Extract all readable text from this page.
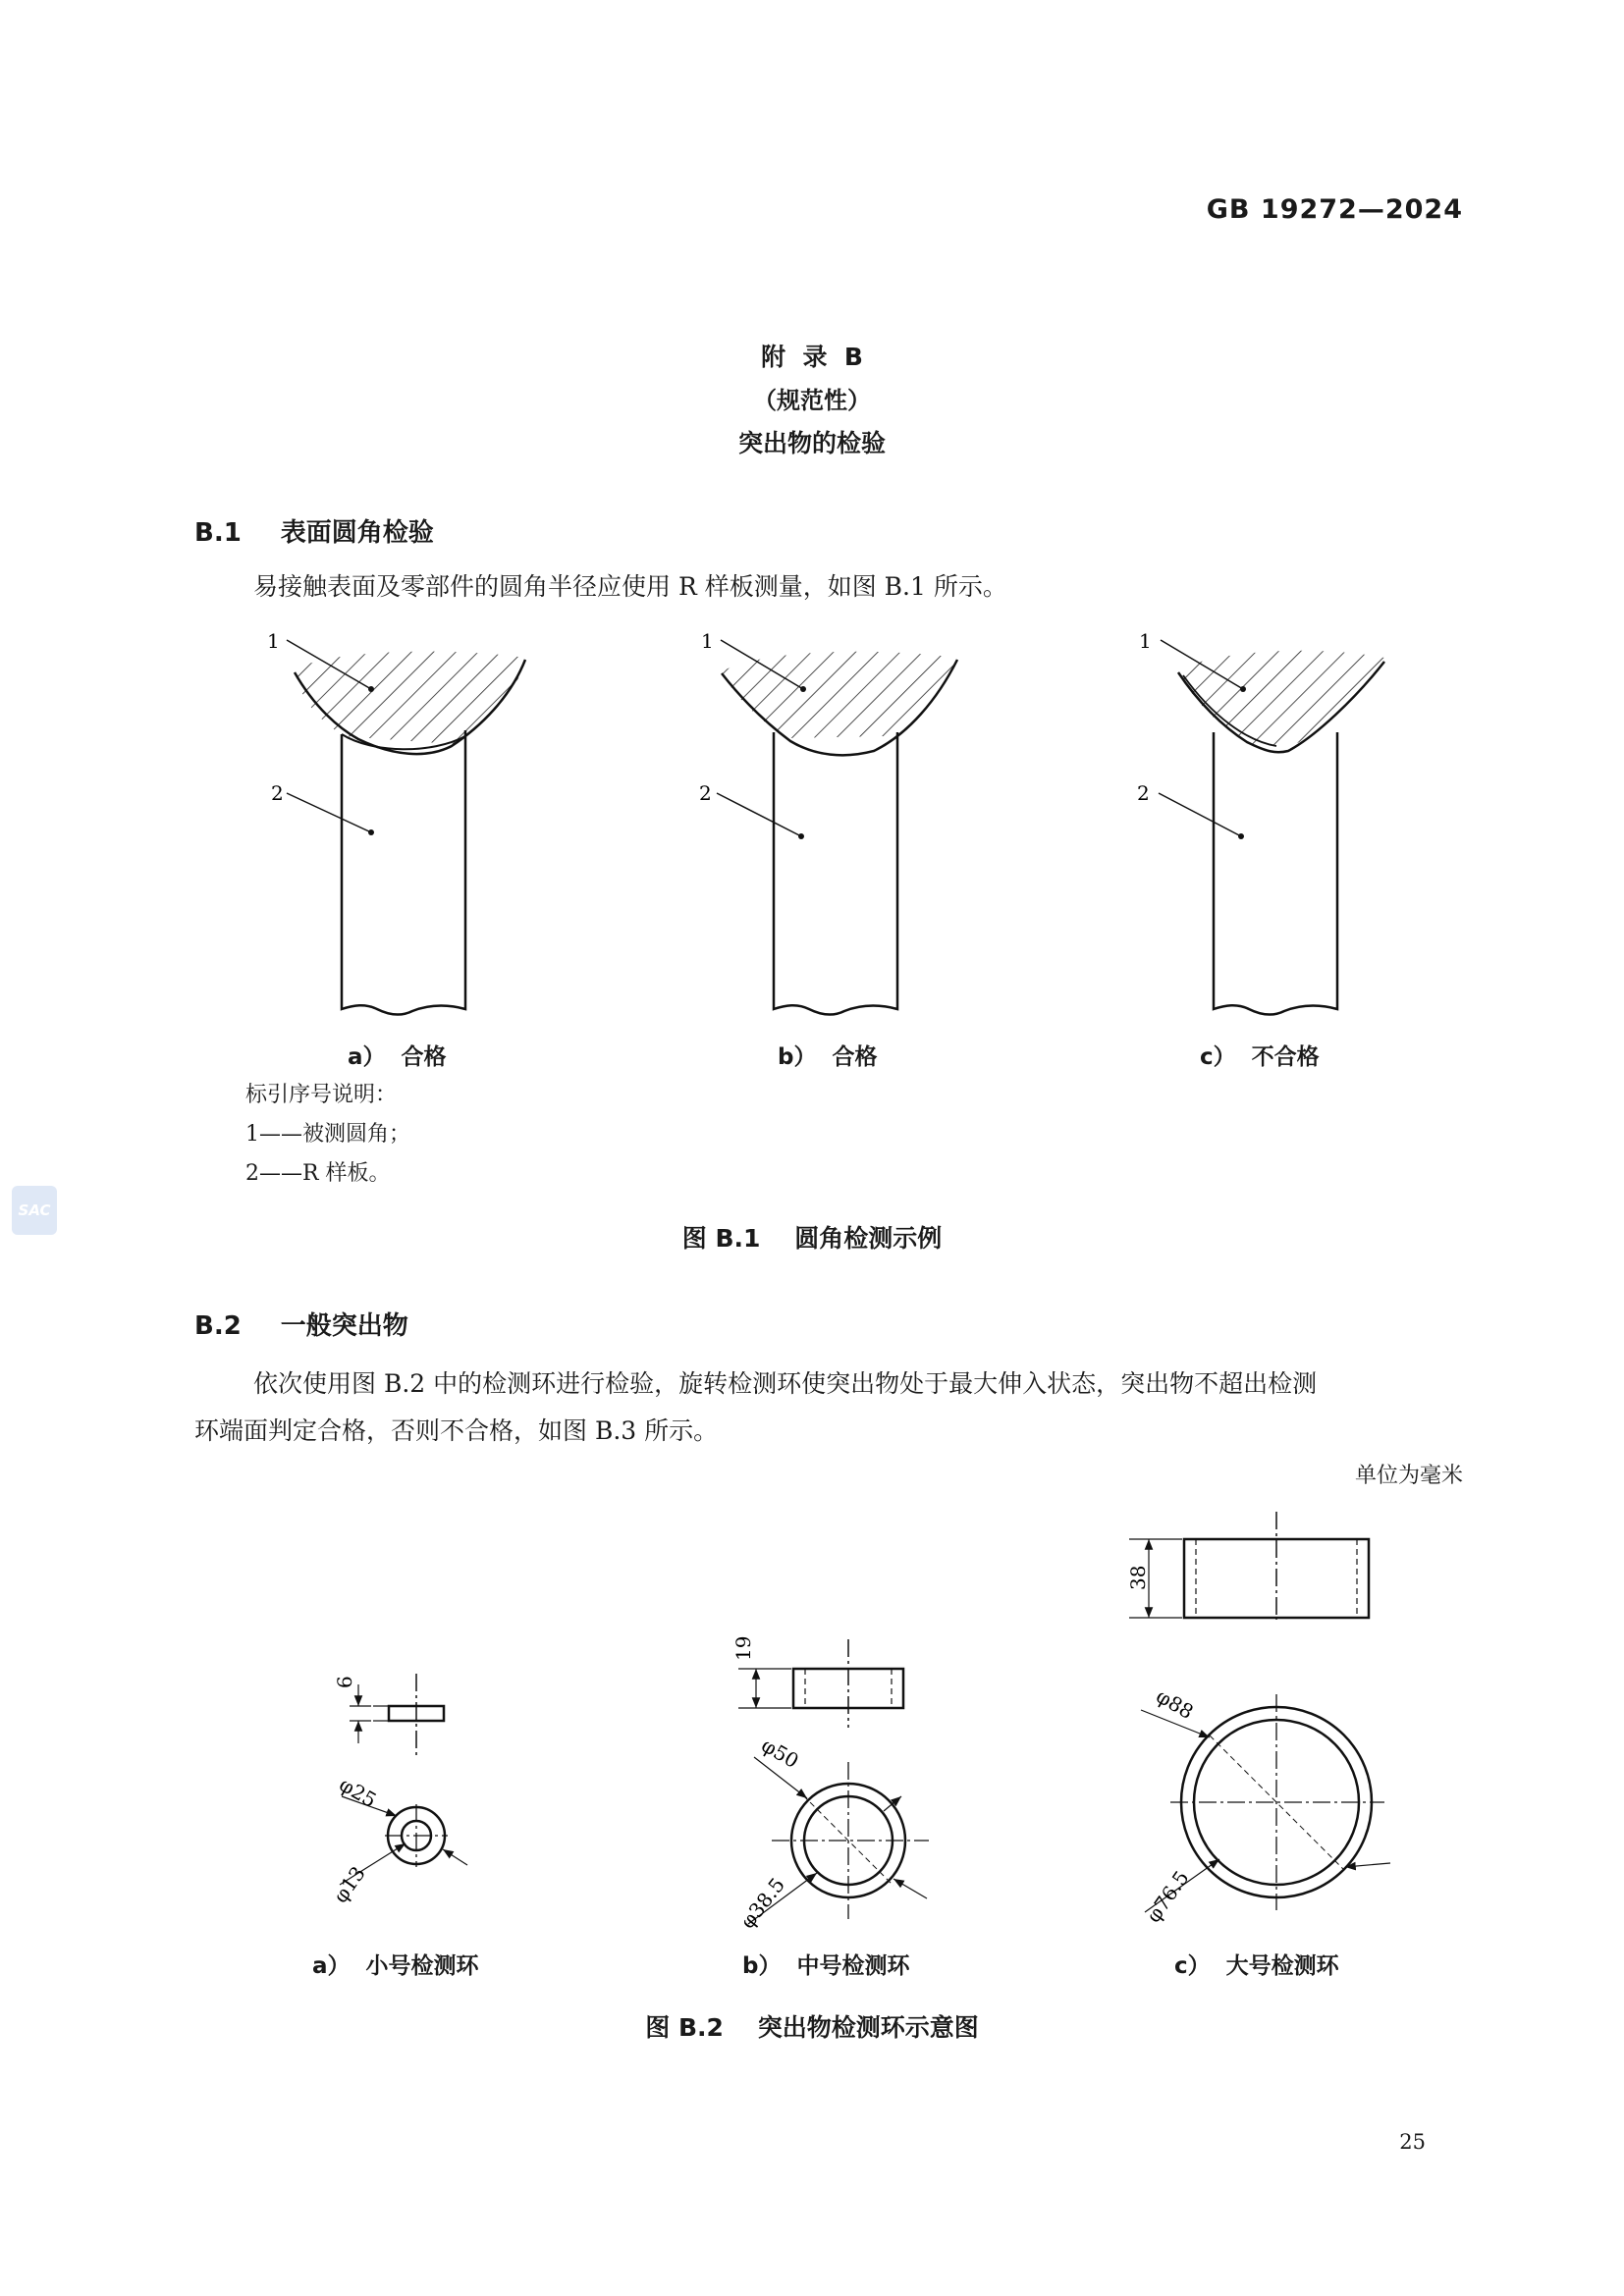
GB 19272—2024
SAC
附  录  B
（规范性）
突出物的检验
B.1 表面圆角检验
易接触表面及零部件的圆角半径应使用 R 样板测量，如图 B.1 所示。
1
2
1
2
1
2
a） 合格	b） 合格	c） 不合格
标引序号说明：
1——被测圆角；
2——R 样板。
图 B.1    圆角检测示例
B.2 一般突出物
依次使用图 B.2 中的检测环进行检验，旋转检测环使突出物处于最大伸入状态，突出物不超出检测
环端面判定合格，否则不合格，如图 B.3 所示。
单位为毫米
6
φ25
φ13
19
φ50
φ38.5
38
φ88
φ76.5
a） 小号检测环	b） 中号检测环	c） 大号检测环
图 B.2    突出物检测环示意图
25
